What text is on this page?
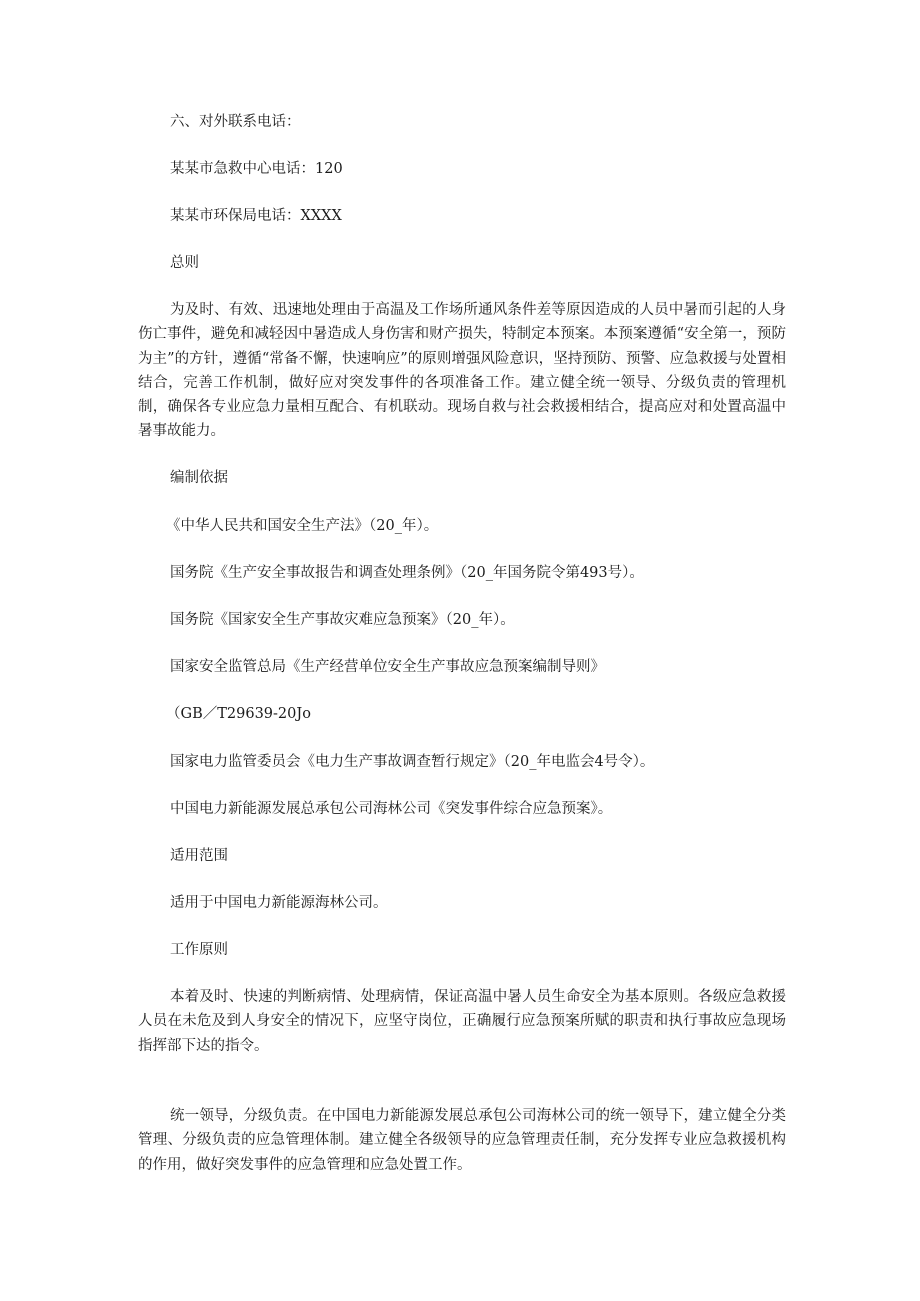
六、对外联系电话：
某某市急救中心电话：120
某某市环保局电话：XXXX
总则
为及时、有效、迅速地处理由于高温及工作场所通风条件差等原因造成的人员中暑而引起的人身伤亡事件，避免和减轻因中暑造成人身伤害和财产损失，特制定本预案。本预案遵循“安全第一，预防为主”的方针，遵循“常备不懈，快速响应”的原则增强风险意识，坚持预防、预警、应急救援与处置相结合，完善工作机制，做好应对突发事件的各项准备工作。建立健全统一领导、分级负责的管理机制，确保各专业应急力量相互配合、有机联动。现场自救与社会救援相结合，提高应对和处置高温中暑事故能力。
编制依据
《中华人民共和国安全生产法》（20_年）。
国务院《生产安全事故报告和调查处理条例》（20_年国务院令第493号）。
国务院《国家安全生产事故灾难应急预案》（20_年）。
国家安全监管总局《生产经营单位安全生产事故应急预案编制导则》
（GB／T29639-20Jo
国家电力监管委员会《电力生产事故调查暂行规定》（20_年电监会4号令）。
中国电力新能源发展总承包公司海林公司《突发事件综合应急预案》。
适用范围
适用于中国电力新能源海林公司。
工作原则
本着及时、快速的判断病情、处理病情，保证高温中暑人员生命安全为基本原则。各级应急救援人员在未危及到人身安全的情况下，应坚守岗位，正确履行应急预案所赋的职责和执行事故应急现场指挥部下达的指令。
统一领导，分级负责。在中国电力新能源发展总承包公司海林公司的统一领导下，建立健全分类管理、分级负责的应急管理体制。建立健全各级领导的应急管理责任制，充分发挥专业应急救援机构的作用，做好突发事件的应急管理和应急处置工作。
